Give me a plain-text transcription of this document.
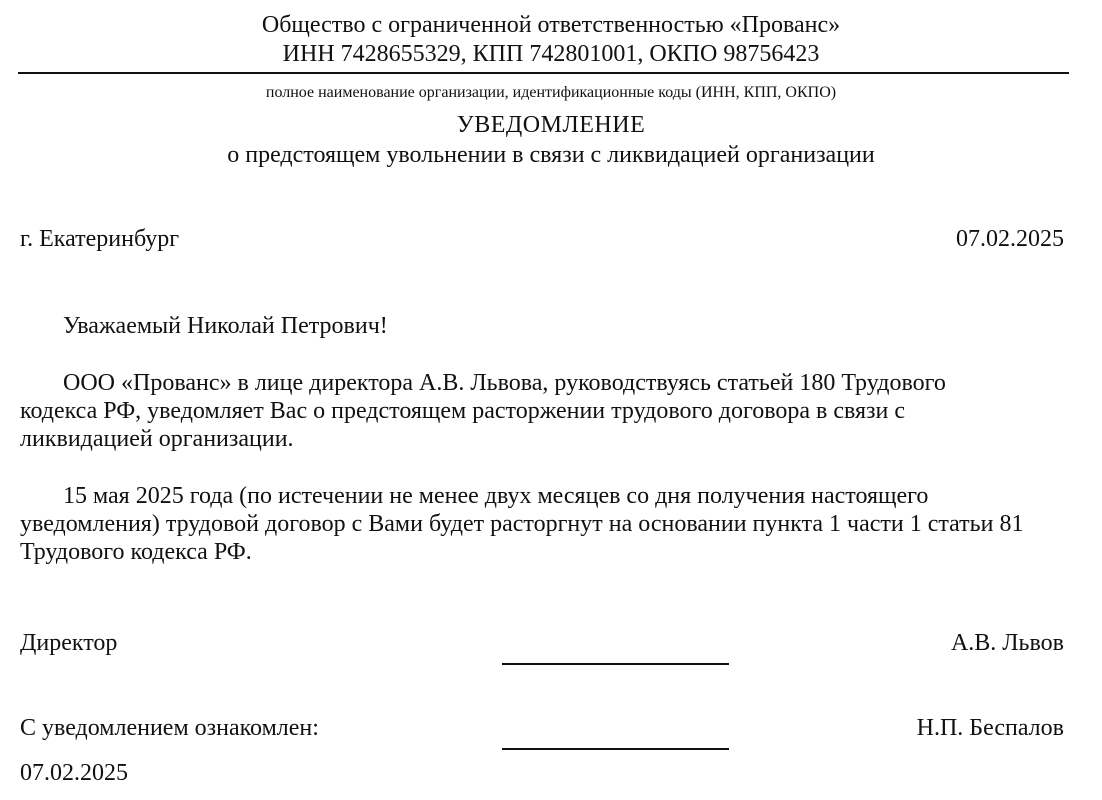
Общество с ограниченной ответственностью «Прованс»
ИНН 7428655329, КПП 742801001, ОКПО 98756423
полное наименование организации, идентификационные коды (ИНН, КПП, ОКПО)
УВЕДОМЛЕНИЕ
о предстоящем увольнении в связи с ликвидацией организации
г. Екатеринбург	07.02.2025
Уважаемый Николай Петрович!
ООО «Прованс» в лице директора А.В. Львова, руководствуясь статьей 180 Трудового
кодекса РФ, уведомляет Вас о предстоящем расторжении трудового договора в связи с
ликвидацией организации.
15 мая 2025 года (по истечении не менее двух месяцев со дня получения настоящего
уведомления) трудовой договор с Вами будет расторгнут на основании пункта 1 части 1 статьи 81
Трудового кодекса РФ.
Директор	А.В. Львов
С уведомлением ознакомлен:	Н.П. Беспалов
07.02.2025
